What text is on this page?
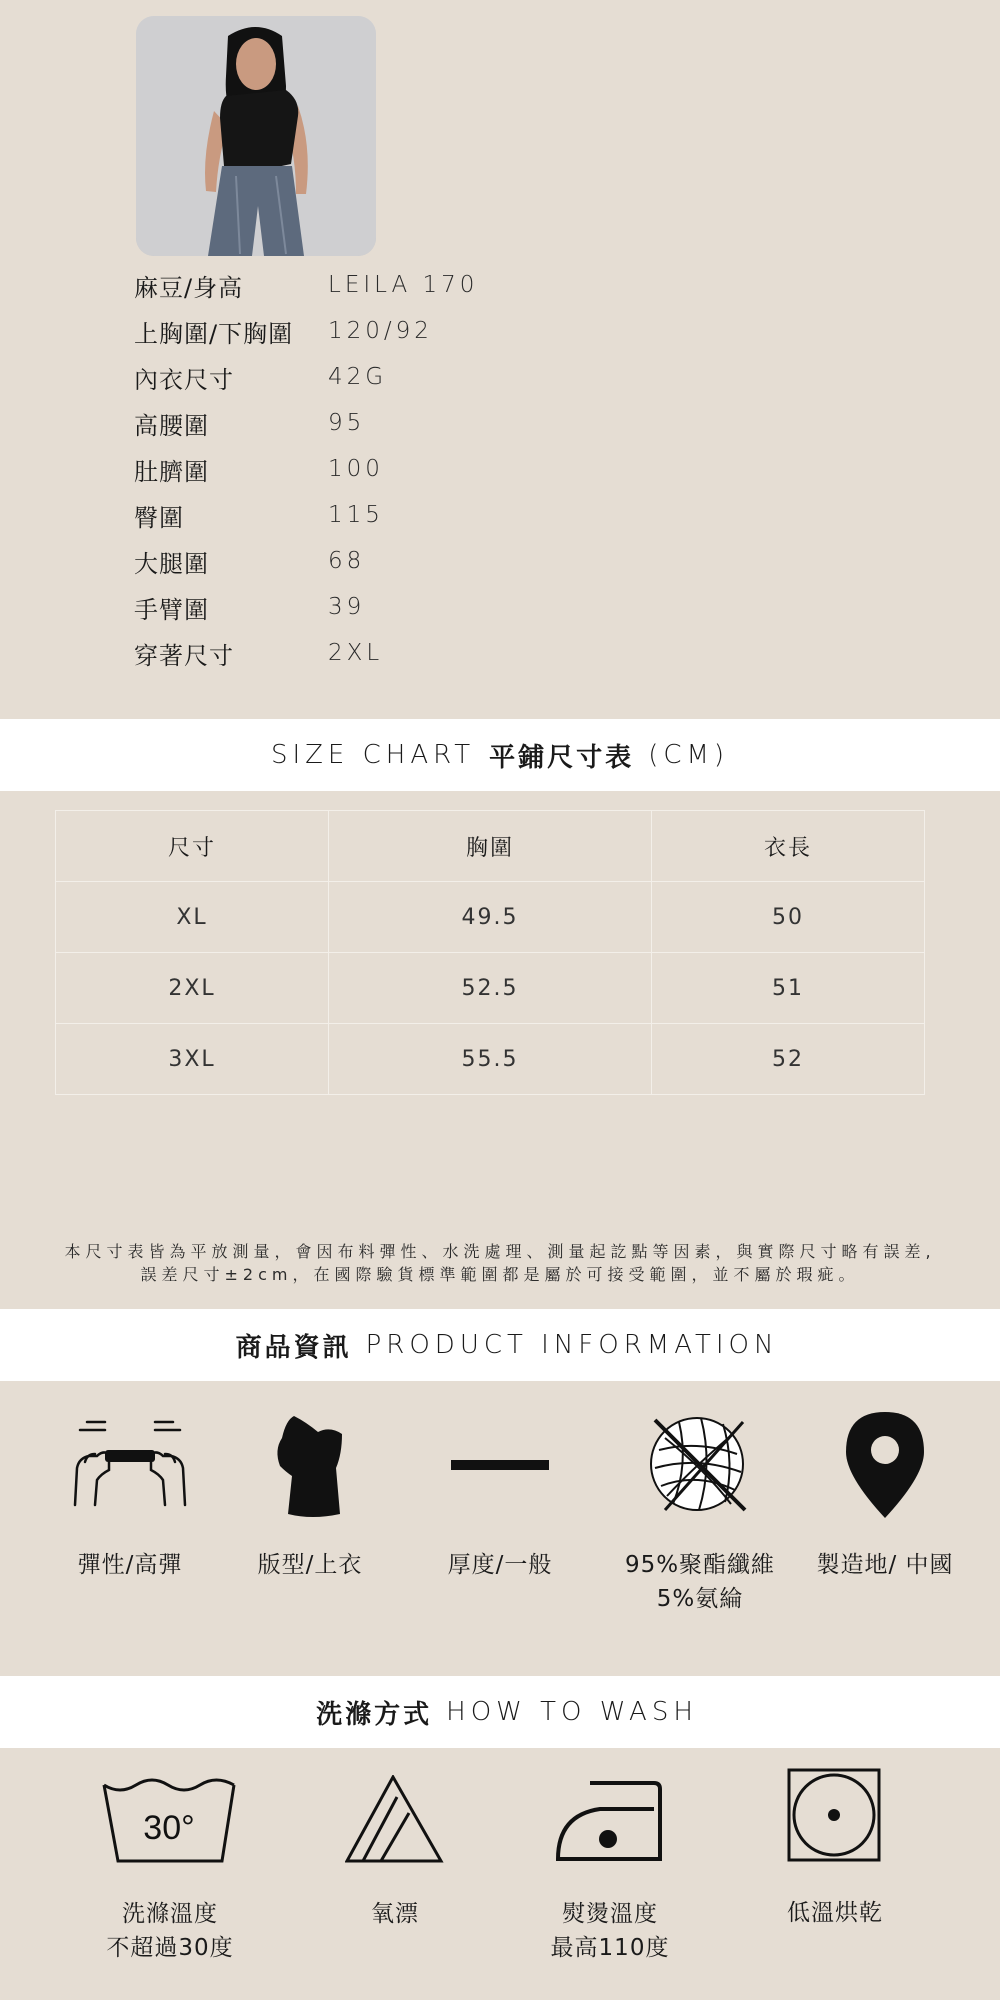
麻豆/身高	LEILA 170
上胸圍/下胸圍	120/92
內衣尺寸	42G
高腰圍	95
肚臍圍	100
臀圍	115
大腿圍	68
手臂圍	39
穿著尺寸	2XL
SIZE CHART 平鋪尺寸表 (CM)
尺寸	胸圍	衣長
XL	49.5	50
2XL	52.5	51
3XL	55.5	52
本尺寸表皆為平放測量，會因布料彈性、水洗處理、測量起訖點等因素，與實際尺寸略有誤差,
誤差尺寸±2cm，在國際驗貨標準範圍都是屬於可接受範圍，並不屬於瑕疵。
商品資訊 PRODUCT INFORMATION
彈性/高彈	版型/上衣	厚度/一般	95%聚酯纖維
5%氨綸
製造地/ 中國
洗滌方式 HOW TO WASH
30°
洗滌溫度
不超過30度
氧漂	熨燙溫度
最高110度
低溫烘乾
